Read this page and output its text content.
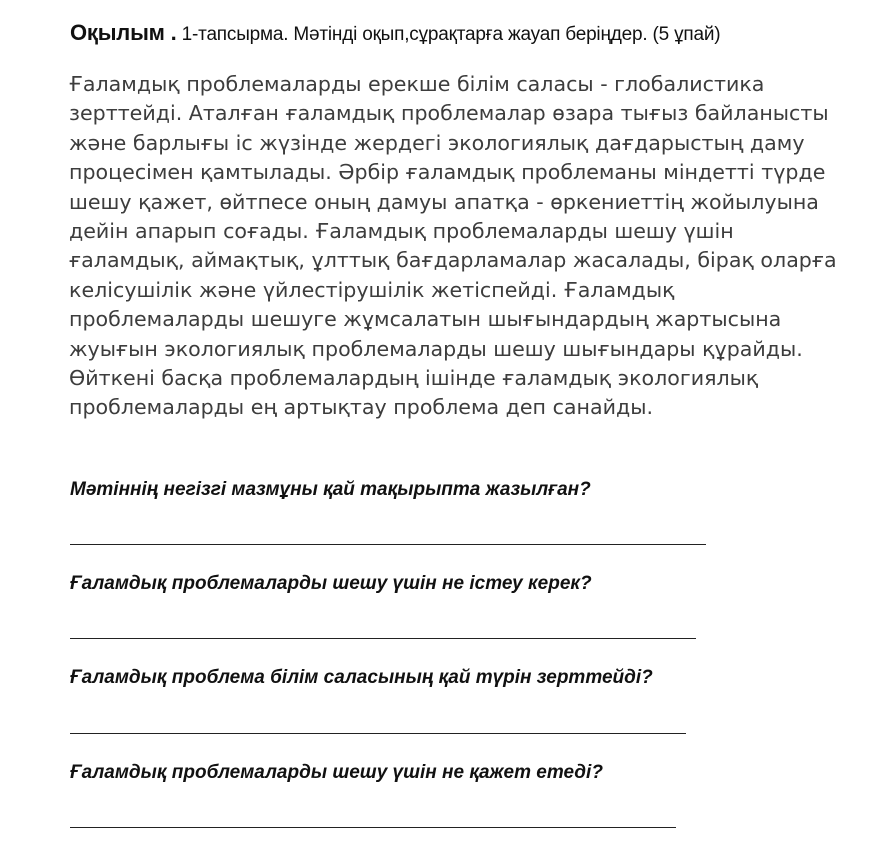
Оқылым . 1-тапсырма. Мәтінді оқып,сұрақтарға жауап беріңдер. (5 ұпай)
Ғаламдық проблемаларды ерекше білім саласы - глобалистика
зерттейді. Аталған ғаламдық проблемалар өзара тығыз байланысты
және барлығы іс жүзінде жердегі экологиялық дағдарыстың даму
процесімен қамтылады. Әрбір ғаламдық проблеманы міндетті түрде
шешу қажет, өйтпесе оның дамуы апатқа - өркениеттің жойылуына
дейін апарып соғады. Ғаламдық проблемаларды шешу үшін
ғаламдық, аймақтық, ұлттық бағдарламалар жасалады, бірақ оларға
келісушілік және үйлестірушілік жетіспейді. Ғаламдық
проблемаларды шешуге жұмсалатын шығындардың жартысына
жуығын экологиялық проблемаларды шешу шығындары құрайды.
Өйткені басқа проблемалардың ішінде ғаламдық экологиялық
проблемаларды ең артықтау проблема деп санайды.
Мәтіннің негізгі мазмұны қай тақырыпта жазылған?
Ғаламдық проблемаларды шешу үшін не істеу керек?
Ғаламдық проблема білім саласының қай түрін зерттейді?
Ғаламдық проблемаларды шешу үшін не қажет етеді?
